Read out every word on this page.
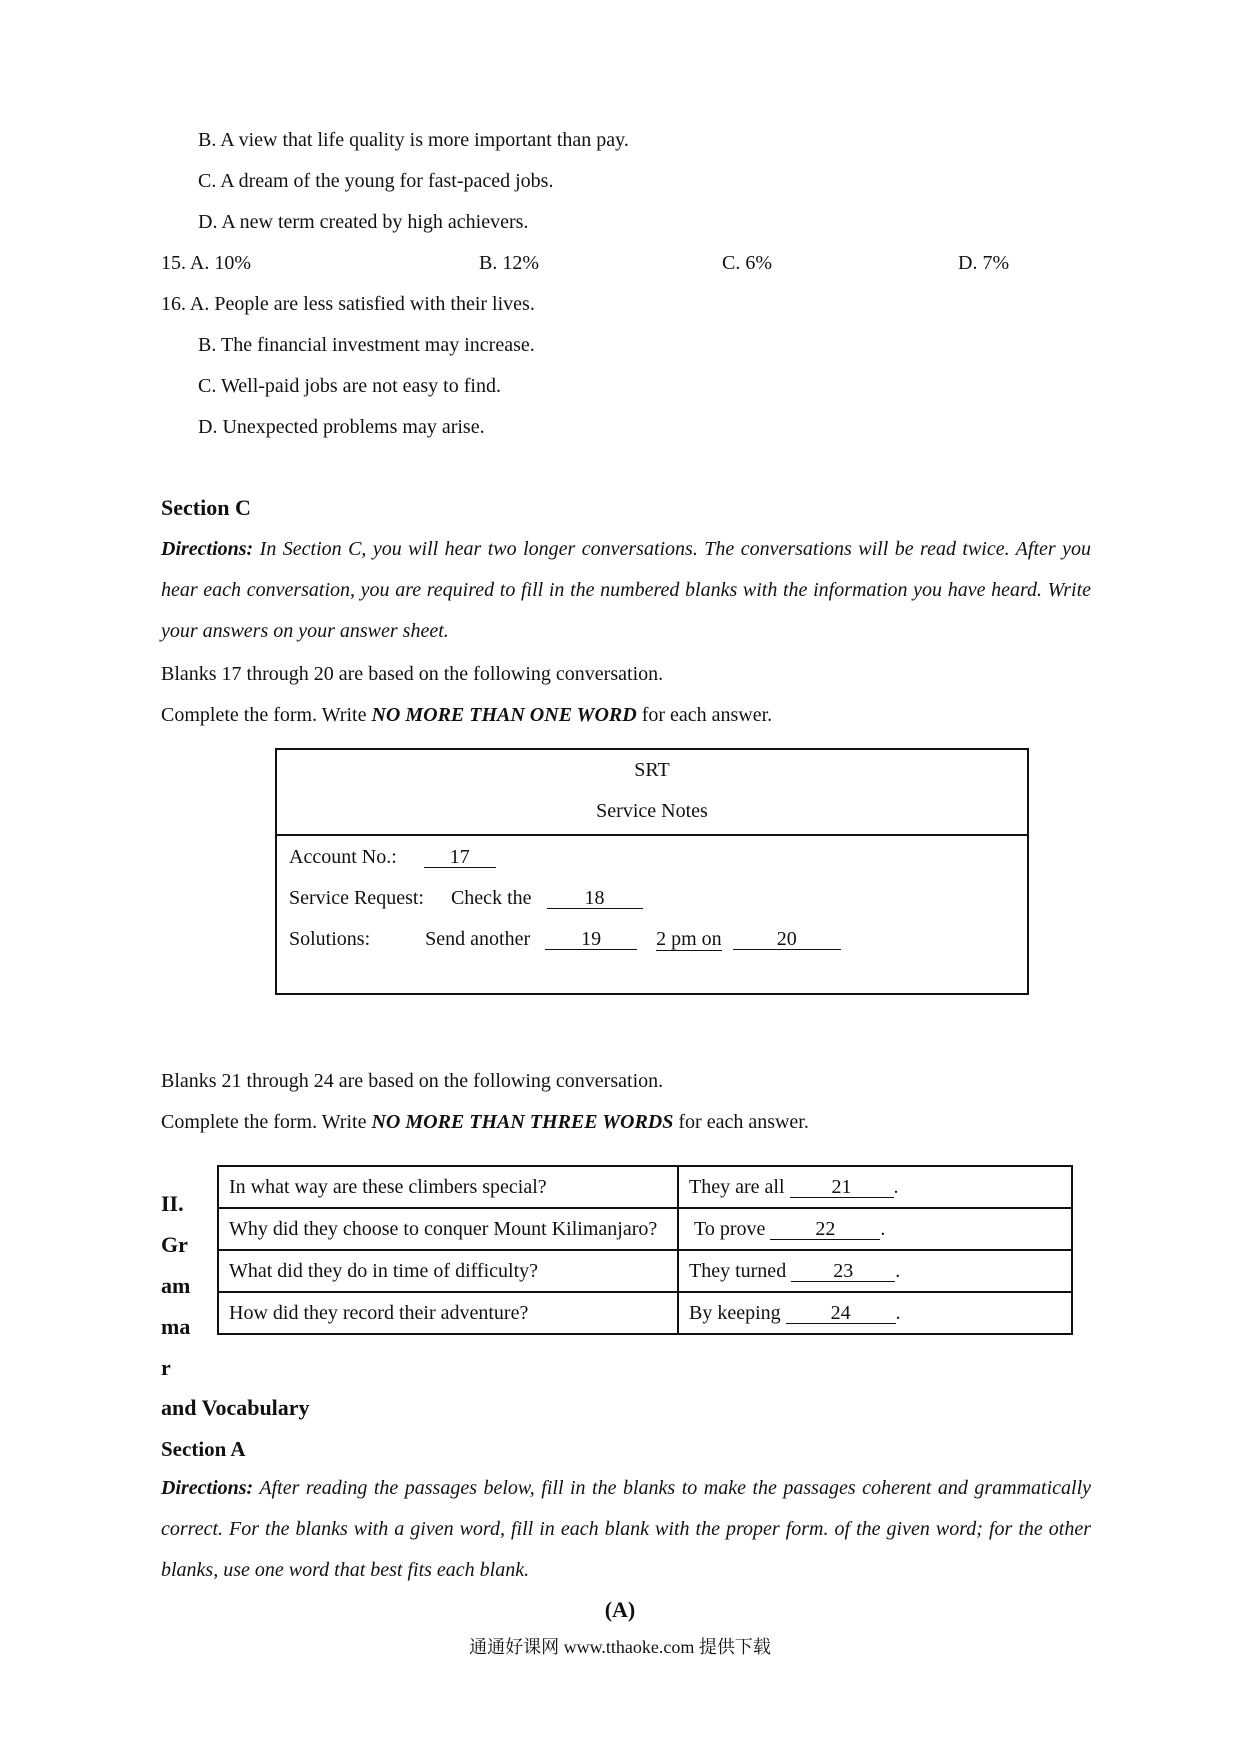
B. A view that life quality is more important than pay.
C. A dream of the young for fast-paced jobs.
D. A new term created by high achievers.
15. A. 10%	B. 12%	C. 6%	D. 7%
16. A. People are less satisfied with their lives.
B. The financial investment may increase.
C. Well-paid jobs are not easy to find.
D. Unexpected problems may arise.
Section C
Directions: In Section C, you will hear two longer conversations. The conversations will be read twice. After you hear each conversation, you are required to fill in the numbered blanks with the information you have heard. Write your answers on your answer sheet.
Blanks 17 through 20 are based on the following conversation.
Complete the form. Write NO MORE THAN ONE WORD for each answer.
SRT
Service Notes
Account No.:	17
Service Request: Check the	18
Solutions:	Send another	19	2 pm on	20
Blanks 21 through 24 are based on the following conversation.
Complete the form. Write NO MORE THAN THREE WORDS for each answer.
II.
Gr
am
ma
r
In what way are these climbers special?	They are all 21 .
Why did they choose to conquer Mount Kilimanjaro?	To prove 22 .
What did they do in time of difficulty?	They turned 23 .
How did they record their adventure?	By keeping 24 .
and Vocabulary
Section A
Directions: After reading the passages below, fill in the blanks to make the passages coherent and grammatically correct. For the blanks with a given word, fill in each blank with the proper form. of the given word; for the other blanks, use one word that best fits each blank.
(A)
通通好课网 www.tthaoke.com 提供下载
